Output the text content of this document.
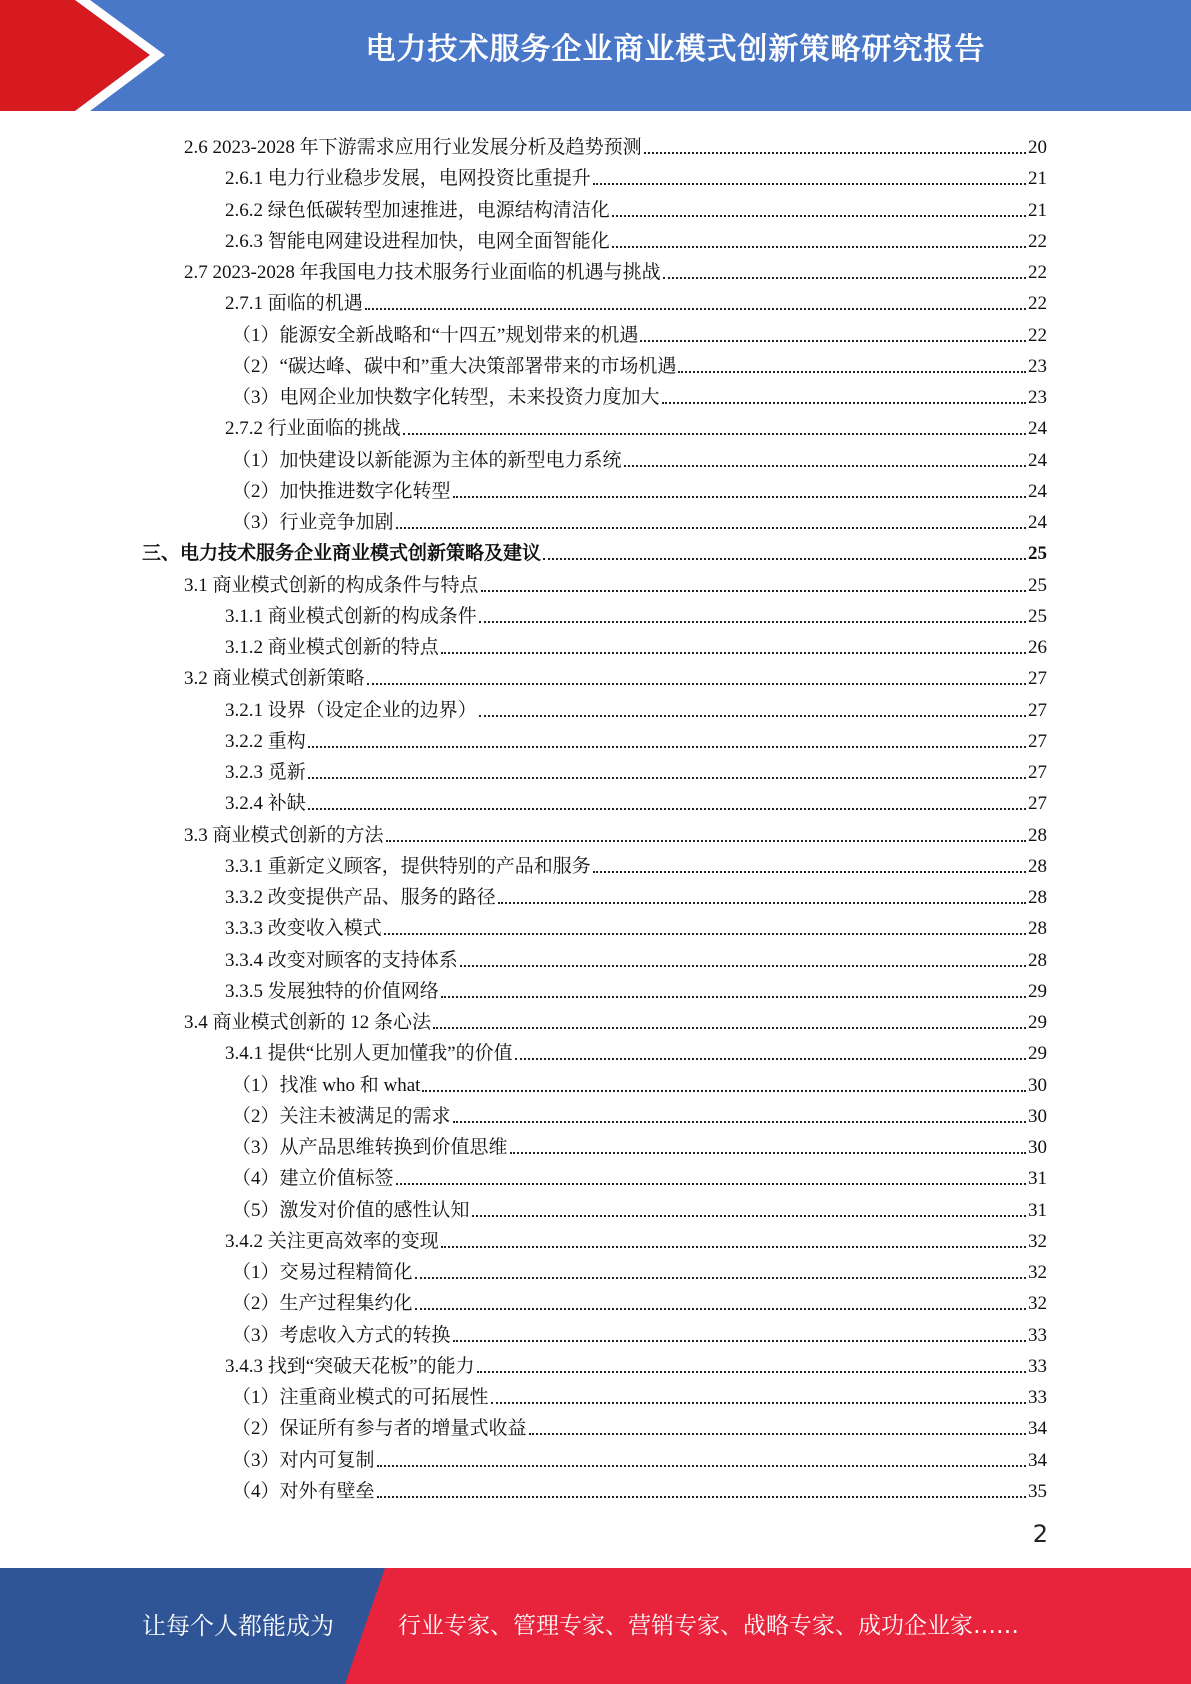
电力技术服务企业商业模式创新策略研究报告
2.6 2023-2028 年下游需求应用行业发展分析及趋势预测	20
2.6.1 电力行业稳步发展，电网投资比重提升	21
2.6.2 绿色低碳转型加速推进，电源结构清洁化	21
2.6.3 智能电网建设进程加快，电网全面智能化	22
2.7 2023-2028 年我国电力技术服务行业面临的机遇与挑战	22
2.7.1 面临的机遇	22
（1）能源安全新战略和“十四五”规划带来的机遇	22
（2）“碳达峰、碳中和”重大决策部署带来的市场机遇	23
（3）电网企业加快数字化转型，未来投资力度加大	23
2.7.2 行业面临的挑战	24
（1）加快建设以新能源为主体的新型电力系统	24
（2）加快推进数字化转型	24
（3）行业竞争加剧	24
三、电力技术服务企业商业模式创新策略及建议	25
3.1 商业模式创新的构成条件与特点	25
3.1.1 商业模式创新的构成条件	25
3.1.2 商业模式创新的特点	26
3.2 商业模式创新策略	27
3.2.1 设界（设定企业的边界）	27
3.2.2 重构	27
3.2.3 觅新	27
3.2.4 补缺	27
3.3 商业模式创新的方法	28
3.3.1 重新定义顾客，提供特别的产品和服务	28
3.3.2 改变提供产品、服务的路径	28
3.3.3 改变收入模式	28
3.3.4 改变对顾客的支持体系	28
3.3.5 发展独特的价值网络	29
3.4 商业模式创新的 12 条心法	29
3.4.1 提供“比别人更加懂我”的价值	29
（1）找准 who 和 what	30
（2）关注未被满足的需求	30
（3）从产品思维转换到价值思维	30
（4）建立价值标签	31
（5）激发对价值的感性认知	31
3.4.2 关注更高效率的变现	32
（1）交易过程精简化	32
（2）生产过程集约化	32
（3）考虑收入方式的转换	33
3.4.3 找到“突破天花板”的能力	33
（1）注重商业模式的可拓展性	33
（2）保证所有参与者的增量式收益	34
（3）对内可复制	34
（4）对外有壁垒	35
2
让每个人都能成为	行业专家、管理专家、营销专家、战略专家、成功企业家……
